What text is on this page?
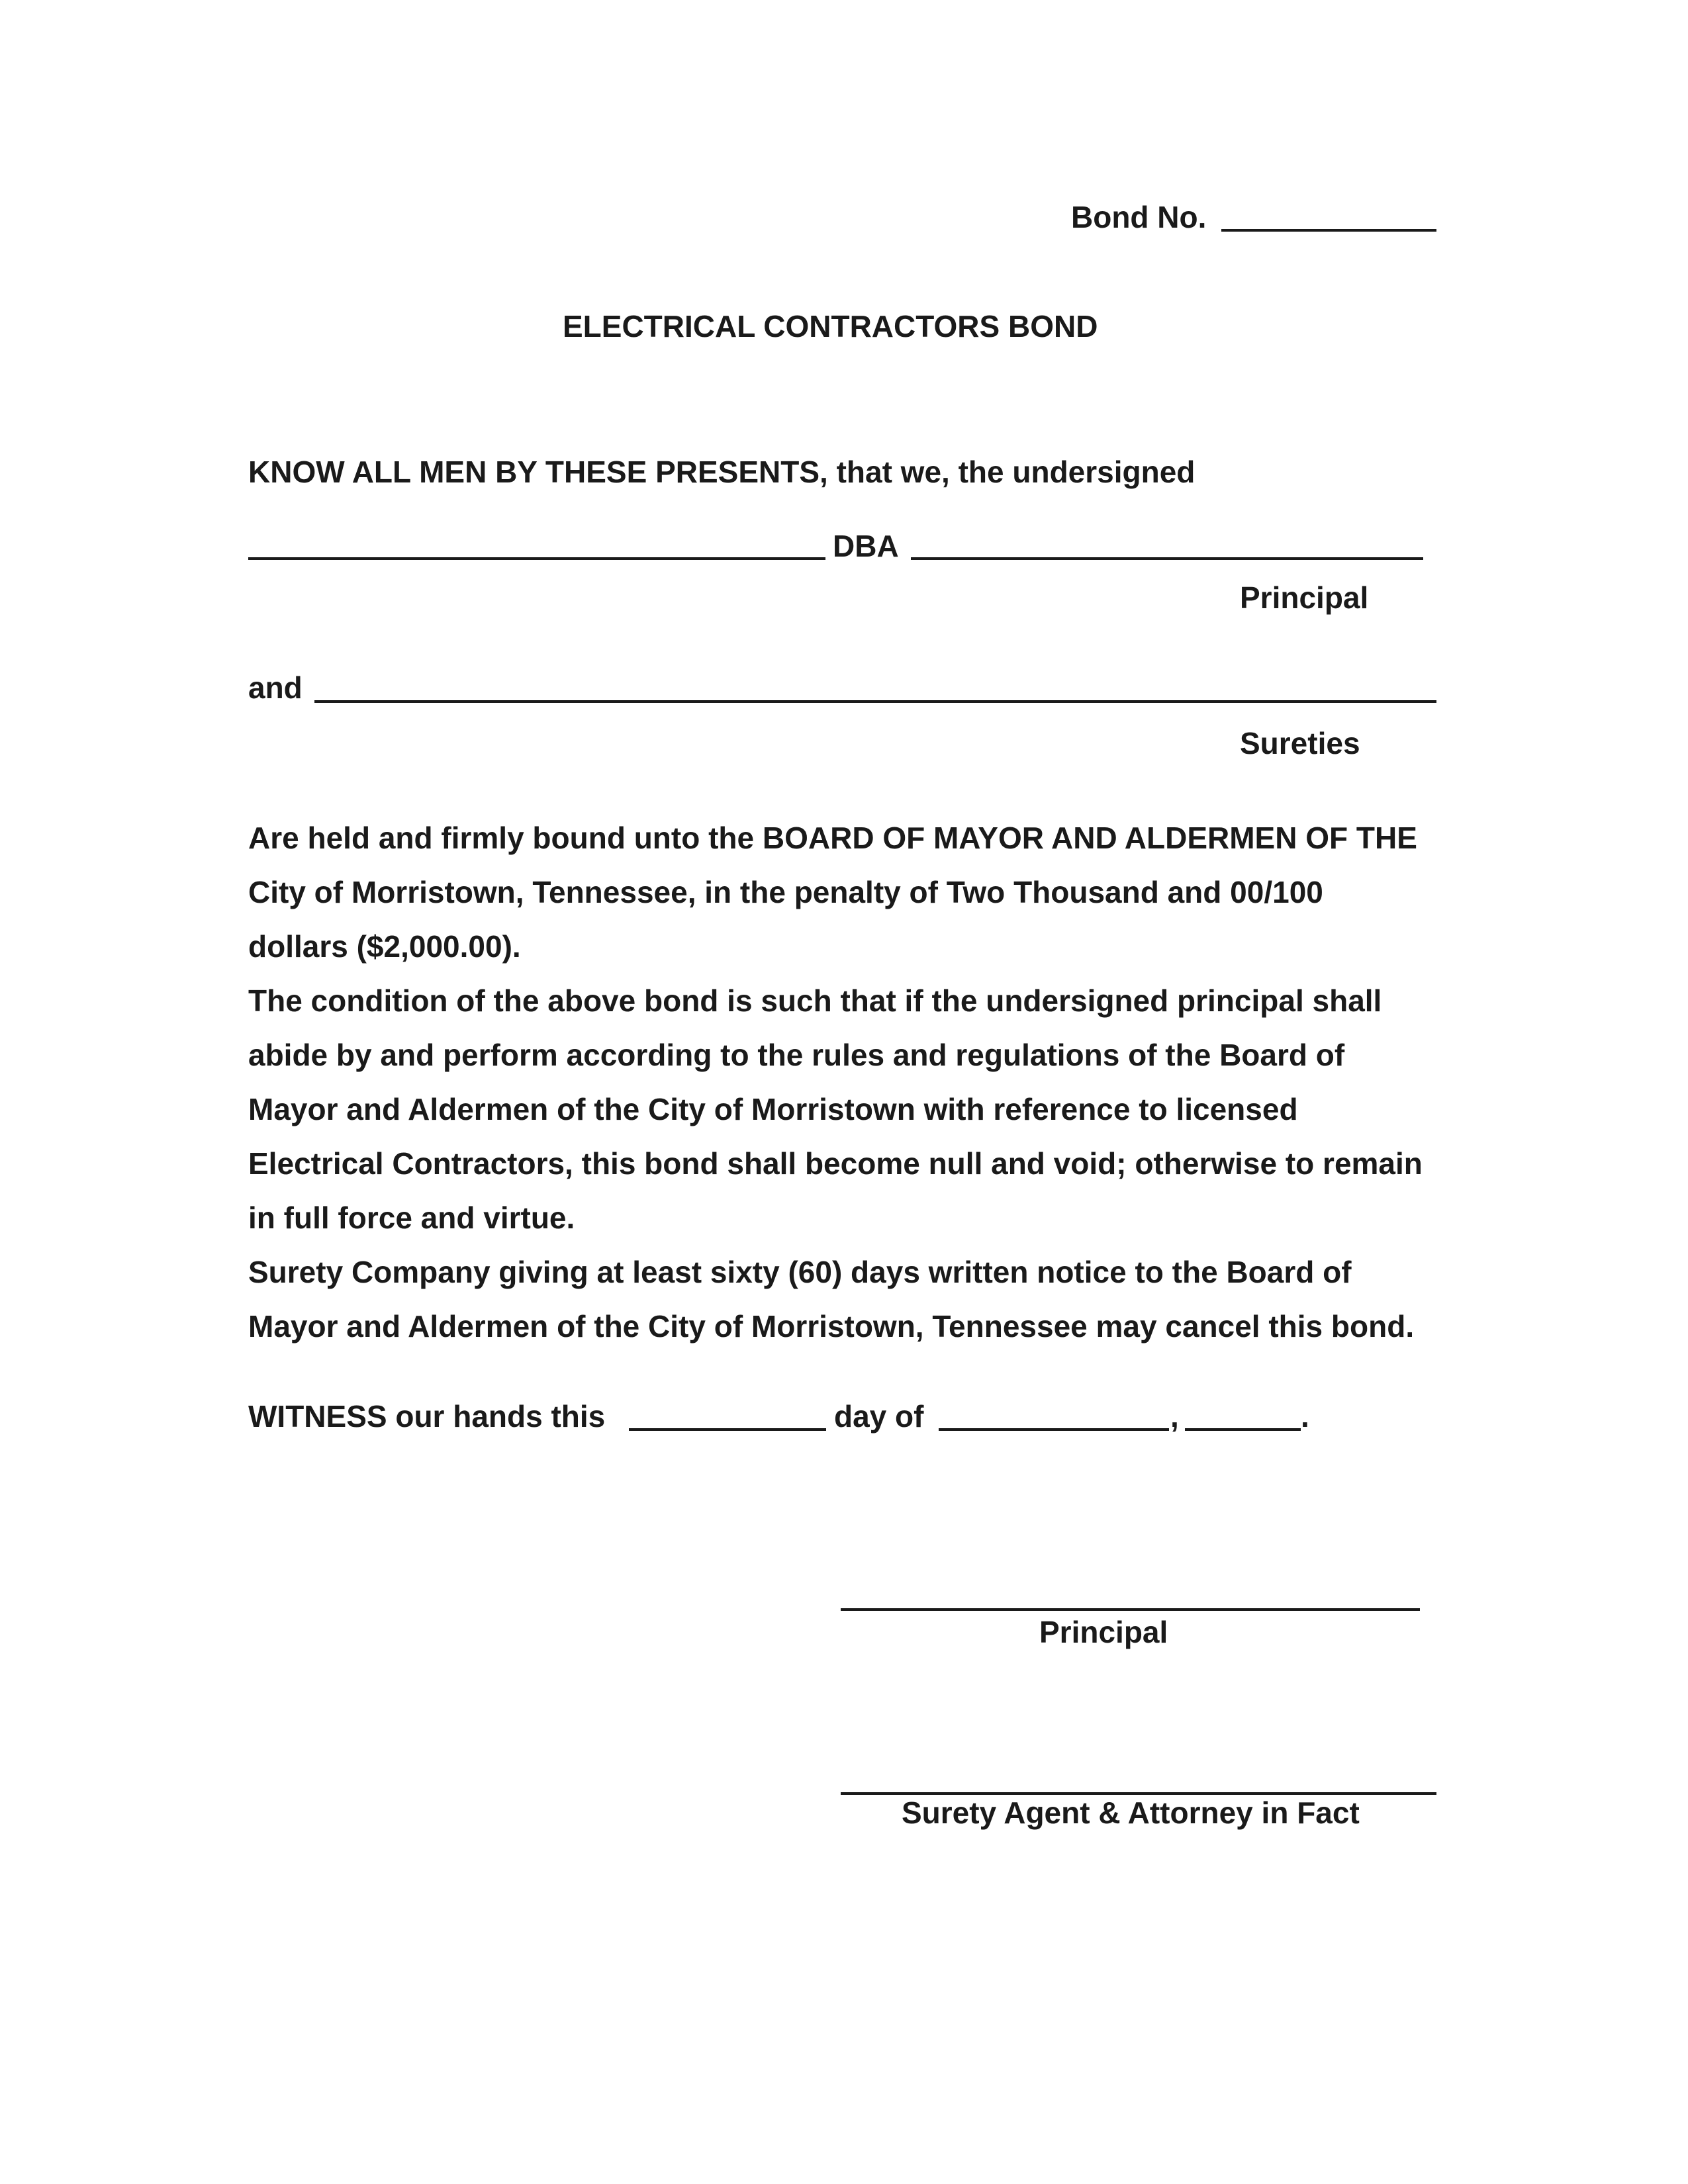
Bond No.
ELECTRICAL CONTRACTORS BOND
KNOW ALL MEN BY THESE PRESENTS, that we, the undersigned
DBA
Principal
and
Sureties
Are held and firmly bound unto the BOARD OF MAYOR AND ALDERMEN OF THE
City of Morristown, Tennessee, in the penalty of Two Thousand and 00/100
dollars ($2,000.00).
The condition of the above bond is such that if the undersigned principal shall
abide by and perform according to the rules and regulations of the Board of
Mayor and Aldermen of the City of Morristown with reference to licensed
Electrical Contractors, this bond shall become null and void; otherwise to remain
in full force and virtue.
Surety Company giving at least sixty (60) days written notice to the Board of
Mayor and Aldermen of the City of Morristown, Tennessee may cancel this bond.
WITNESS our hands this	day of	,	.
Principal
Surety Agent & Attorney in Fact
